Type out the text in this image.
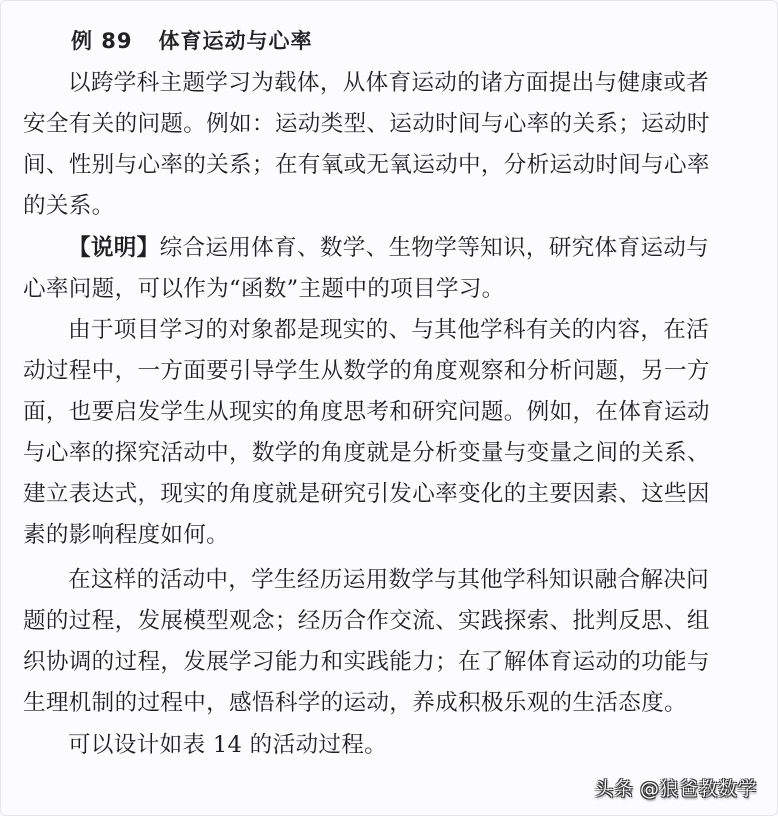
例 89 体育运动与心率
以跨学科主题学习为载体，从体育运动的诸方面提出与健康或者
安全有关的问题。例如：运动类型、运动时间与心率的关系；运动时
间、性别与心率的关系；在有氧或无氧运动中，分析运动时间与心率
的关系。
【说明】综合运用体育、数学、生物学等知识，研究体育运动与
心率问题，可以作为“函数”主题中的项目学习。
由于项目学习的对象都是现实的、与其他学科有关的内容，在活
动过程中，一方面要引导学生从数学的角度观察和分析问题，另一方
面，也要启发学生从现实的角度思考和研究问题。例如，在体育运动
与心率的探究活动中，数学的角度就是分析变量与变量之间的关系、
建立表达式，现实的角度就是研究引发心率变化的主要因素、这些因
素的影响程度如何。
在这样的活动中，学生经历运用数学与其他学科知识融合解决问
题的过程，发展模型观念；经历合作交流、实践探索、批判反思、组
织协调的过程，发展学习能力和实践能力；在了解体育运动的功能与
生理机制的过程中，感悟科学的运动，养成积极乐观的生活态度。
可以设计如表 14 的活动过程。
头条 @狼爸教数学
